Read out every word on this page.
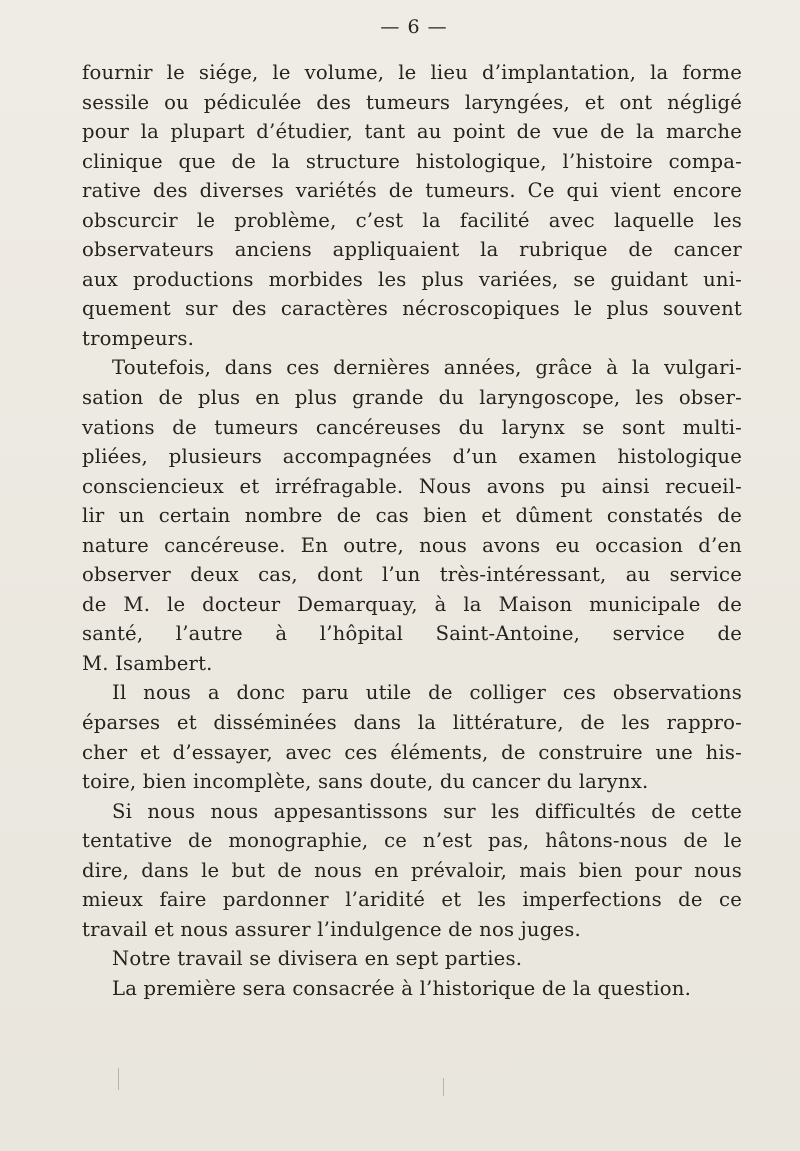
— 6 —
fournir le siége, le volume, le lieu d’implantation, la forme
sessile ou pédiculée des tumeurs laryngées, et ont négligé
pour la plupart d’étudier, tant au point de vue de la marche
clinique que de la structure histologique, l’histoire compa-
rative des diverses variétés de tumeurs. Ce qui vient encore
obscurcir le problème, c’est la facilité avec laquelle les
observateurs anciens appliquaient la rubrique de cancer
aux productions morbides les plus variées, se guidant uni-
quement sur des caractères nécroscopiques le plus souvent
trompeurs.
Toutefois, dans ces dernières années, grâce à la vulgari-
sation de plus en plus grande du laryngoscope, les obser-
vations de tumeurs cancéreuses du larynx se sont multi-
pliées, plusieurs accompagnées d’un examen histologique
consciencieux et irréfragable. Nous avons pu ainsi recueil-
lir un certain nombre de cas bien et dûment constatés de
nature cancéreuse. En outre, nous avons eu occasion d’en
observer deux cas, dont l’un très-intéressant, au service
de M. le docteur Demarquay, à la Maison municipale de
santé, l’autre à l’hôpital Saint-Antoine, service de
M. Isambert.
Il nous a donc paru utile de colliger ces observations
éparses et disséminées dans la littérature, de les rappro-
cher et d’essayer, avec ces éléments, de construire une his-
toire, bien incomplète, sans doute, du cancer du larynx.
Si nous nous appesantissons sur les difficultés de cette
tentative de monographie, ce n’est pas, hâtons-nous de le
dire, dans le but de nous en prévaloir, mais bien pour nous
mieux faire pardonner l’aridité et les imperfections de ce
travail et nous assurer l’indulgence de nos juges.
Notre travail se divisera en sept parties.
La première sera consacrée à l’historique de la question.
